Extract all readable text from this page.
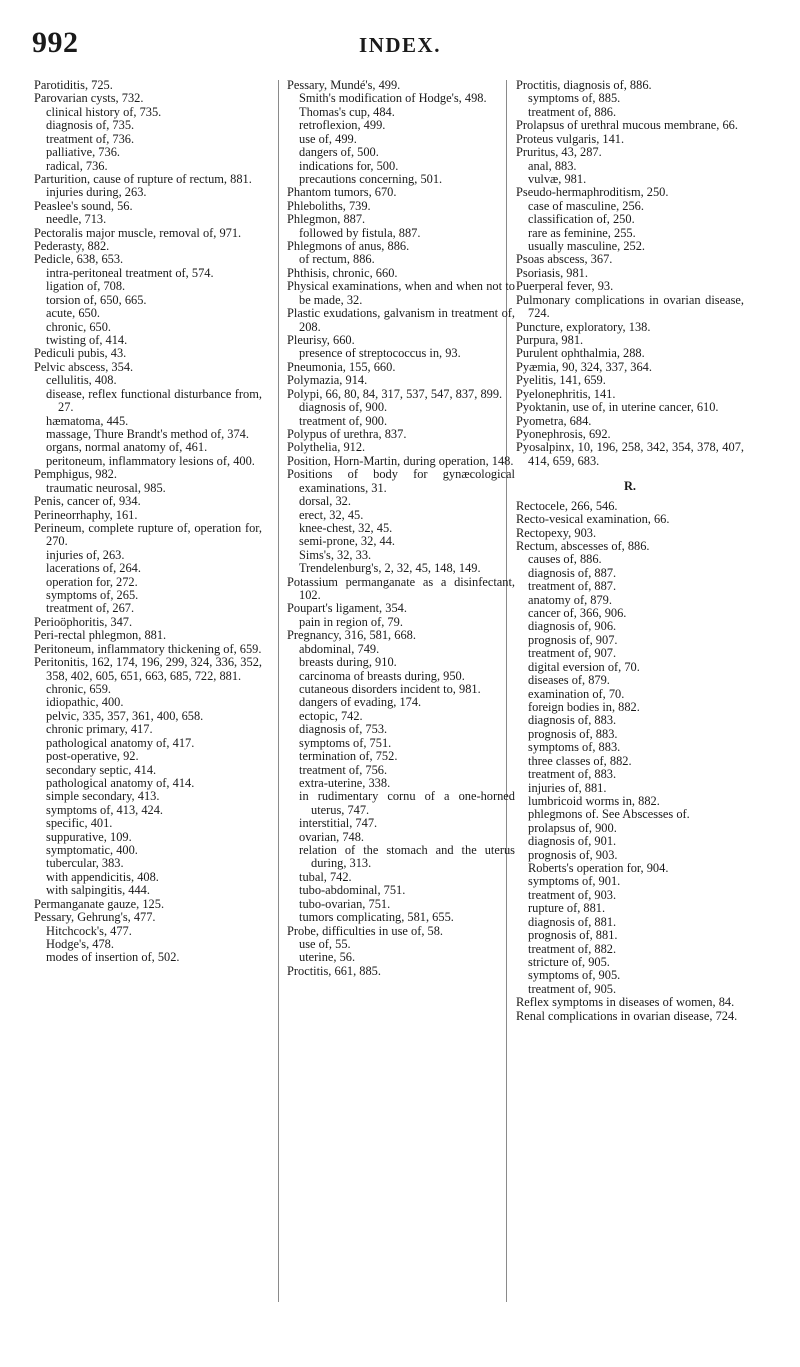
992	INDEX.
Parotiditis, 725.
Parovarian cysts, 732.
clinical history of, 735.
diagnosis of, 735.
treatment of, 736.
palliative, 736.
radical, 736.
Parturition, cause of rupture of rectum, 881.
injuries during, 263.
Peaslee's sound, 56.
needle, 713.
Pectoralis major muscle, removal of, 971.
Pederasty, 882.
Pedicle, 638, 653.
intra-peritoneal treatment of, 574.
ligation of, 708.
torsion of, 650, 665.
acute, 650.
chronic, 650.
twisting of, 414.
Pediculi pubis, 43.
Pelvic abscess, 354.
cellulitis, 408.
disease, reflex functional disturbance from, 27.
hæmatoma, 445.
massage, Thure Brandt's method of, 374.
organs, normal anatomy of, 461.
peritoneum, inflammatory lesions of, 400.
Pemphigus, 982.
traumatic neurosal, 985.
Penis, cancer of, 934.
Perineorrhaphy, 161.
Perineum, complete rupture of, operation for, 270.
injuries of, 263.
lacerations of, 264.
operation for, 272.
symptoms of, 265.
treatment of, 267.
Perioöphoritis, 347.
Peri-rectal phlegmon, 881.
Peritoneum, inflammatory thickening of, 659.
Peritonitis, 162, 174, 196, 299, 324, 336, 352, 358, 402, 605, 651, 663, 685, 722, 881.
chronic, 659.
idiopathic, 400.
pelvic, 335, 357, 361, 400, 658.
chronic primary, 417.
pathological anatomy of, 417.
post-operative, 92.
secondary septic, 414.
pathological anatomy of, 414.
simple secondary, 413.
symptoms of, 413, 424.
specific, 401.
suppurative, 109.
symptomatic, 400.
tubercular, 383.
with appendicitis, 408.
with salpingitis, 444.
Permanganate gauze, 125.
Pessary, Gehrung's, 477.
Hitchcock's, 477.
Hodge's, 478.
modes of insertion of, 502.
Pessary, Mundé's, 499.
Smith's modification of Hodge's, 498.
Thomas's cup, 484.
retroflexion, 499.
use of, 499.
dangers of, 500.
indications for, 500.
precautions concerning, 501.
Phantom tumors, 670.
Phleboliths, 739.
Phlegmon, 887.
followed by fistula, 887.
Phlegmons of anus, 886.
of rectum, 886.
Phthisis, chronic, 660.
Physical examinations, when and when not to be made, 32.
Plastic exudations, galvanism in treatment of, 208.
Pleurisy, 660.
presence of streptococcus in, 93.
Pneumonia, 155, 660.
Polymazia, 914.
Polypi, 66, 80, 84, 317, 537, 547, 837, 899.
diagnosis of, 900.
treatment of, 900.
Polypus of urethra, 837.
Polythelia, 912.
Position, Horn-Martin, during operation, 148.
Positions of body for gynæcological examinations, 31.
dorsal, 32.
erect, 32, 45.
knee-chest, 32, 45.
semi-prone, 32, 44.
Sims's, 32, 33.
Trendelenburg's, 2, 32, 45, 148, 149.
Potassium permanganate as a disinfectant, 102.
Poupart's ligament, 354.
pain in region of, 79.
Pregnancy, 316, 581, 668.
abdominal, 749.
breasts during, 910.
carcinoma of breasts during, 950.
cutaneous disorders incident to, 981.
dangers of evading, 174.
ectopic, 742.
diagnosis of, 753.
symptoms of, 751.
termination of, 752.
treatment of, 756.
extra-uterine, 338.
in rudimentary cornu of a one-horned uterus, 747.
interstitial, 747.
ovarian, 748.
relation of the stomach and the uterus during, 313.
tubal, 742.
tubo-abdominal, 751.
tubo-ovarian, 751.
tumors complicating, 581, 655.
Probe, difficulties in use of, 58.
use of, 55.
uterine, 56.
Proctitis, 661, 885.
Proctitis, diagnosis of, 886.
symptoms of, 885.
treatment of, 886.
Prolapsus of urethral mucous membrane, 66.
Proteus vulgaris, 141.
Pruritus, 43, 287.
anal, 883.
vulvæ, 981.
Pseudo-hermaphroditism, 250.
case of masculine, 256.
classification of, 250.
rare as feminine, 255.
usually masculine, 252.
Psoas abscess, 367.
Psoriasis, 981.
Puerperal fever, 93.
Pulmonary complications in ovarian disease, 724.
Puncture, exploratory, 138.
Purpura, 981.
Purulent ophthalmia, 288.
Pyæmia, 90, 324, 337, 364.
Pyelitis, 141, 659.
Pyelonephritis, 141.
Pyoktanin, use of, in uterine cancer, 610.
Pyometra, 684.
Pyonephrosis, 692.
Pyosalpinx, 10, 196, 258, 342, 354, 378, 407, 414, 659, 683.
R.
Rectocele, 266, 546.
Recto-vesical examination, 66.
Rectopexy, 903.
Rectum, abscesses of, 886.
causes of, 886.
diagnosis of, 887.
treatment of, 887.
anatomy of, 879.
cancer of, 366, 906.
diagnosis of, 906.
prognosis of, 907.
treatment of, 907.
digital eversion of, 70.
diseases of, 879.
examination of, 70.
foreign bodies in, 882.
diagnosis of, 883.
prognosis of, 883.
symptoms of, 883.
three classes of, 882.
treatment of, 883.
injuries of, 881.
lumbricoid worms in, 882.
phlegmons of. See Abscesses of.
prolapsus of, 900.
diagnosis of, 901.
prognosis of, 903.
Roberts's operation for, 904.
symptoms of, 901.
treatment of, 903.
rupture of, 881.
diagnosis of, 881.
prognosis of, 881.
treatment of, 882.
stricture of, 905.
symptoms of, 905.
treatment of, 905.
Reflex symptoms in diseases of women, 84.
Renal complications in ovarian disease, 724.
